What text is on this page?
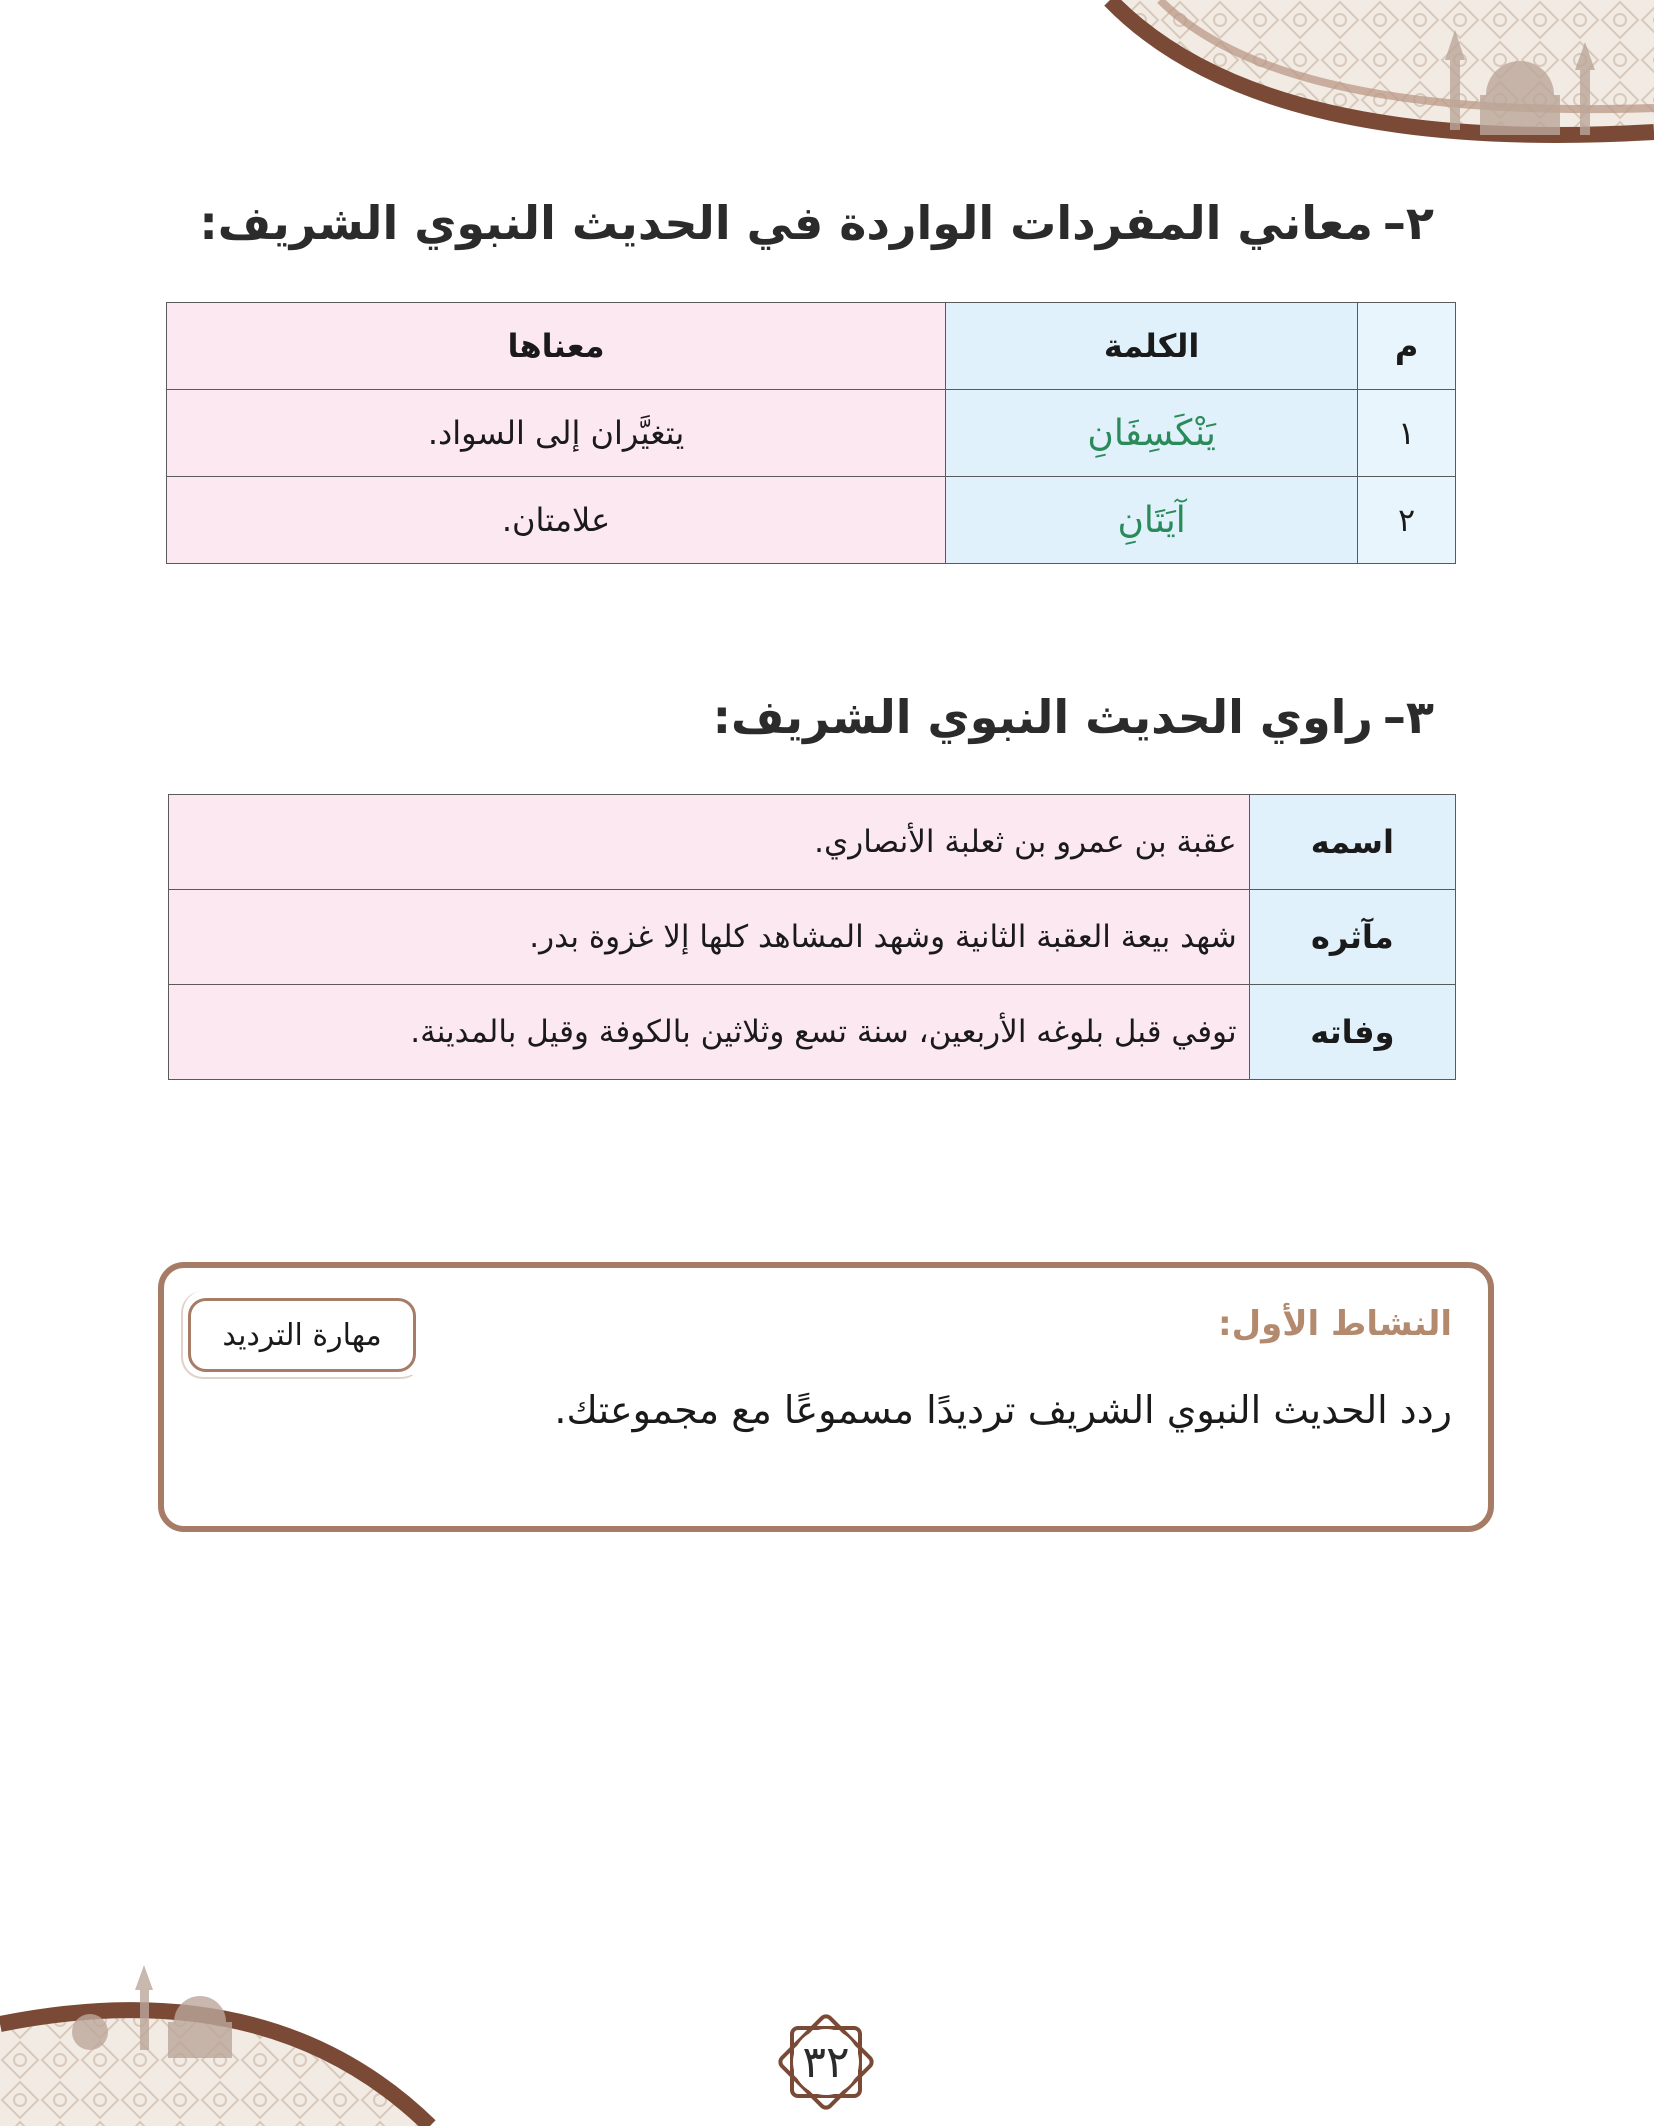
٢–معاني المفردات الواردة في الحديث النبوي الشريف:
م	الكلمة	معناها
١	يَنْكَسِفَانِ	يتغيَّران إلى السواد.
٢	آيَتَانِ	علامتان.
٣–راوي الحديث النبوي الشريف:
اسمه	عقبة بن عمرو بن ثعلبة الأنصاري.
مآثره	شهد بيعة العقبة الثانية وشهد المشاهد كلها إلا غزوة بدر.
وفاته	توفي قبل بلوغه الأربعين، سنة تسع وثلاثين بالكوفة وقيل بالمدينة.

النشاط الأول:

مهارة الترديد

ردد الحديث النبوي الشريف ترديدًا مسموعًا مع مجموعتك.

٣٢
